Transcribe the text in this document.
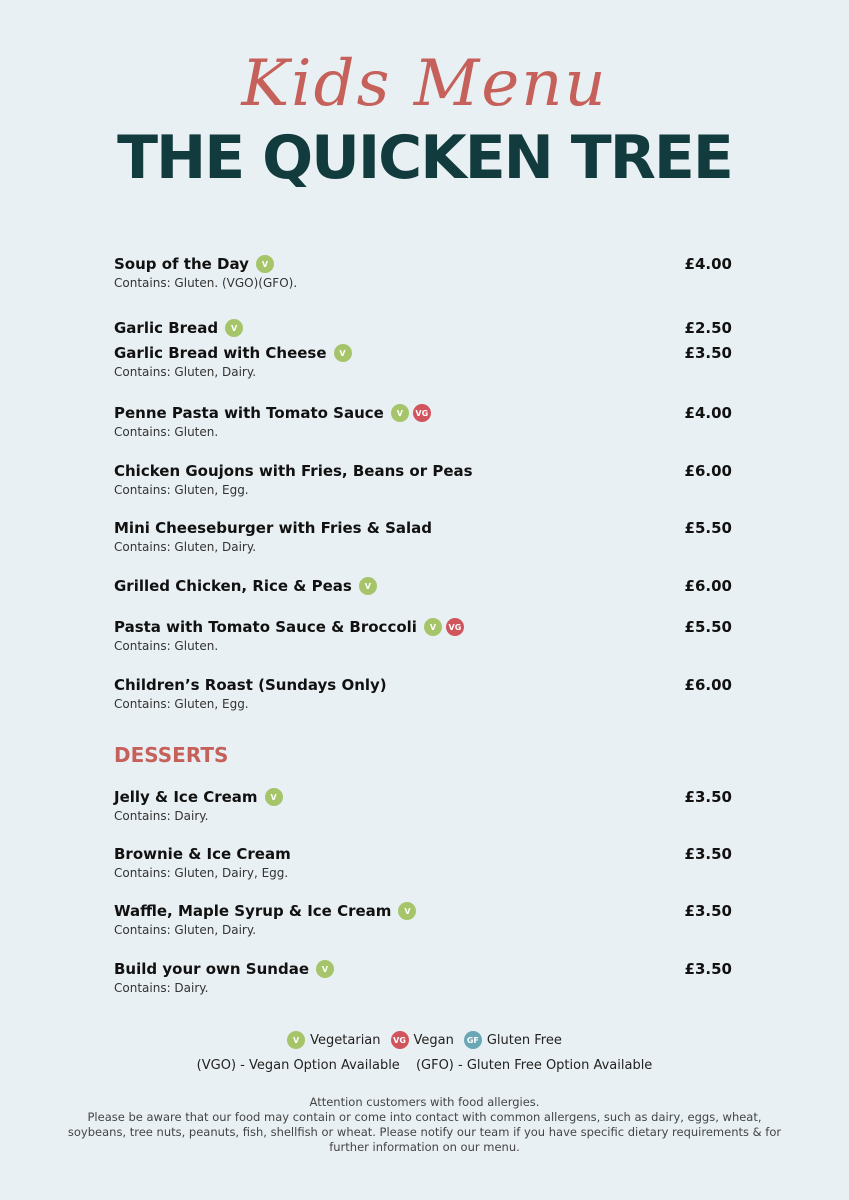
Kids Menu
THE QUICKEN TREE
Soup of the Day	V	£4.00
Contains: Gluten. (VGO)(GFO).
Garlic Bread	V	£2.50
Garlic Bread with Cheese	V	£3.50
Contains: Gluten, Dairy.
Penne Pasta with Tomato Sauce	V	VG	£4.00
Contains: Gluten.
Chicken Goujons with Fries, Beans or Peas	£6.00
Contains: Gluten, Egg.
Mini Cheeseburger with Fries & Salad	£5.50
Contains: Gluten, Dairy.
Grilled Chicken, Rice & Peas	V	£6.00
Pasta with Tomato Sauce & Broccoli	V	VG	£5.50
Contains: Gluten.
Children’s Roast (Sundays Only)	£6.00
Contains: Gluten, Egg.
DESSERTS
Jelly & Ice Cream	V	£3.50
Contains: Dairy.
Brownie & Ice Cream	£3.50
Contains: Gluten, Dairy, Egg.
Waffle, Maple Syrup & Ice Cream	V	£3.50
Contains: Gluten, Dairy.
Build your own Sundae	V	£3.50
Contains: Dairy.
V Vegetarian	VG Vegan	GF Gluten Free
(VGO) - Vegan Option Available (GFO) - Gluten Free Option Available
Attention customers with food allergies.
Please be aware that our food may contain or come into contact with common allergens, such as dairy, eggs, wheat, soybeans, tree nuts, peanuts, fish, shellfish or wheat. Please notify our team if you have specific dietary requirements & for further information on our menu.
